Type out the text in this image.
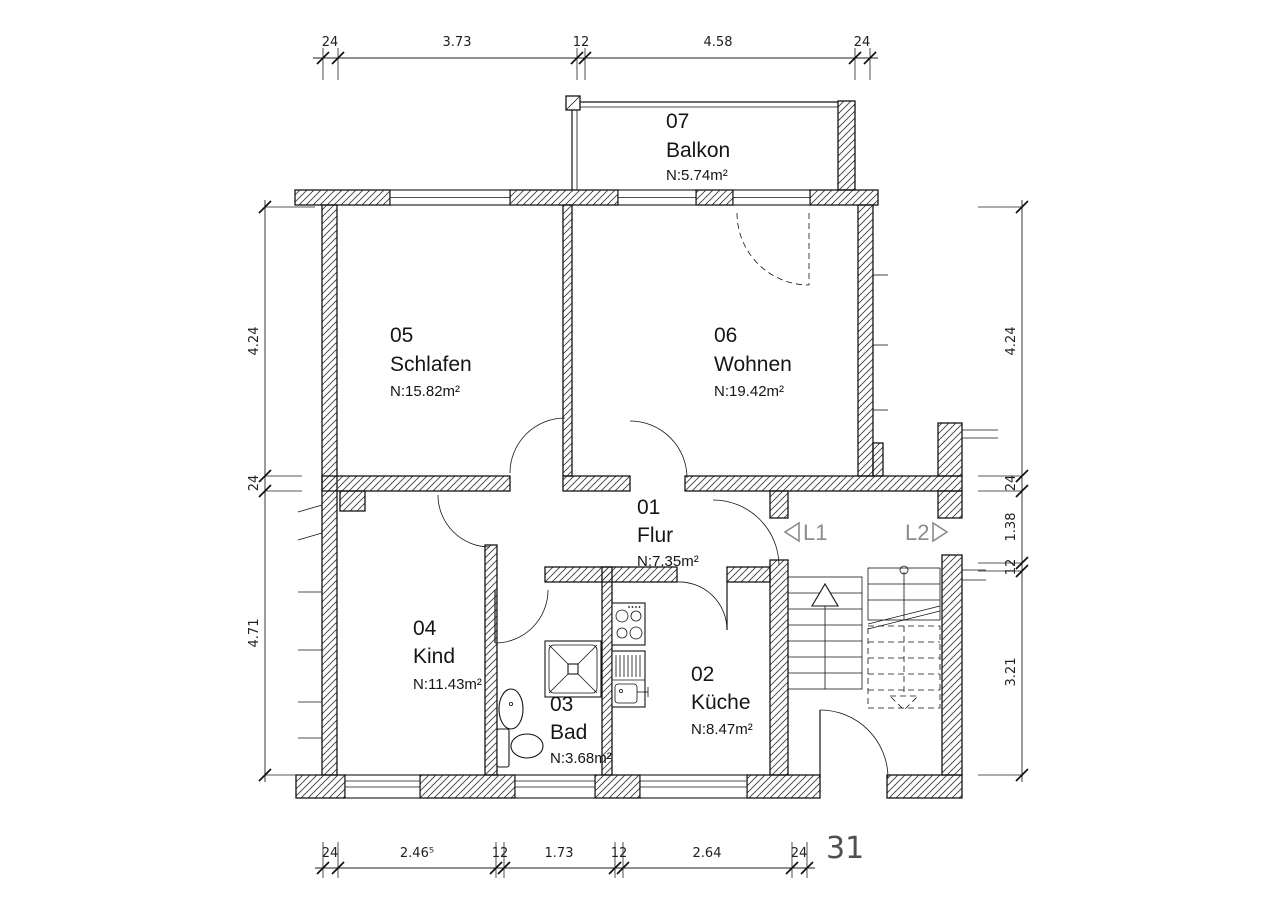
07
Balkon
N:5.74m²
05
Schlafen
N:15.82m²
06
Wohnen
N:19.42m²
01
Flur
N:7.35m²
04
Kind
N:11.43m²
03
Bad
N:3.68m²
02
Küche
N:8.47m²
L1	L2
31
24	3.73	12	4.58	24
4.24
24
4.71
4.24
24
1.38
12
3.21
24	2.46⁵	12	1.73	12	2.64	24
